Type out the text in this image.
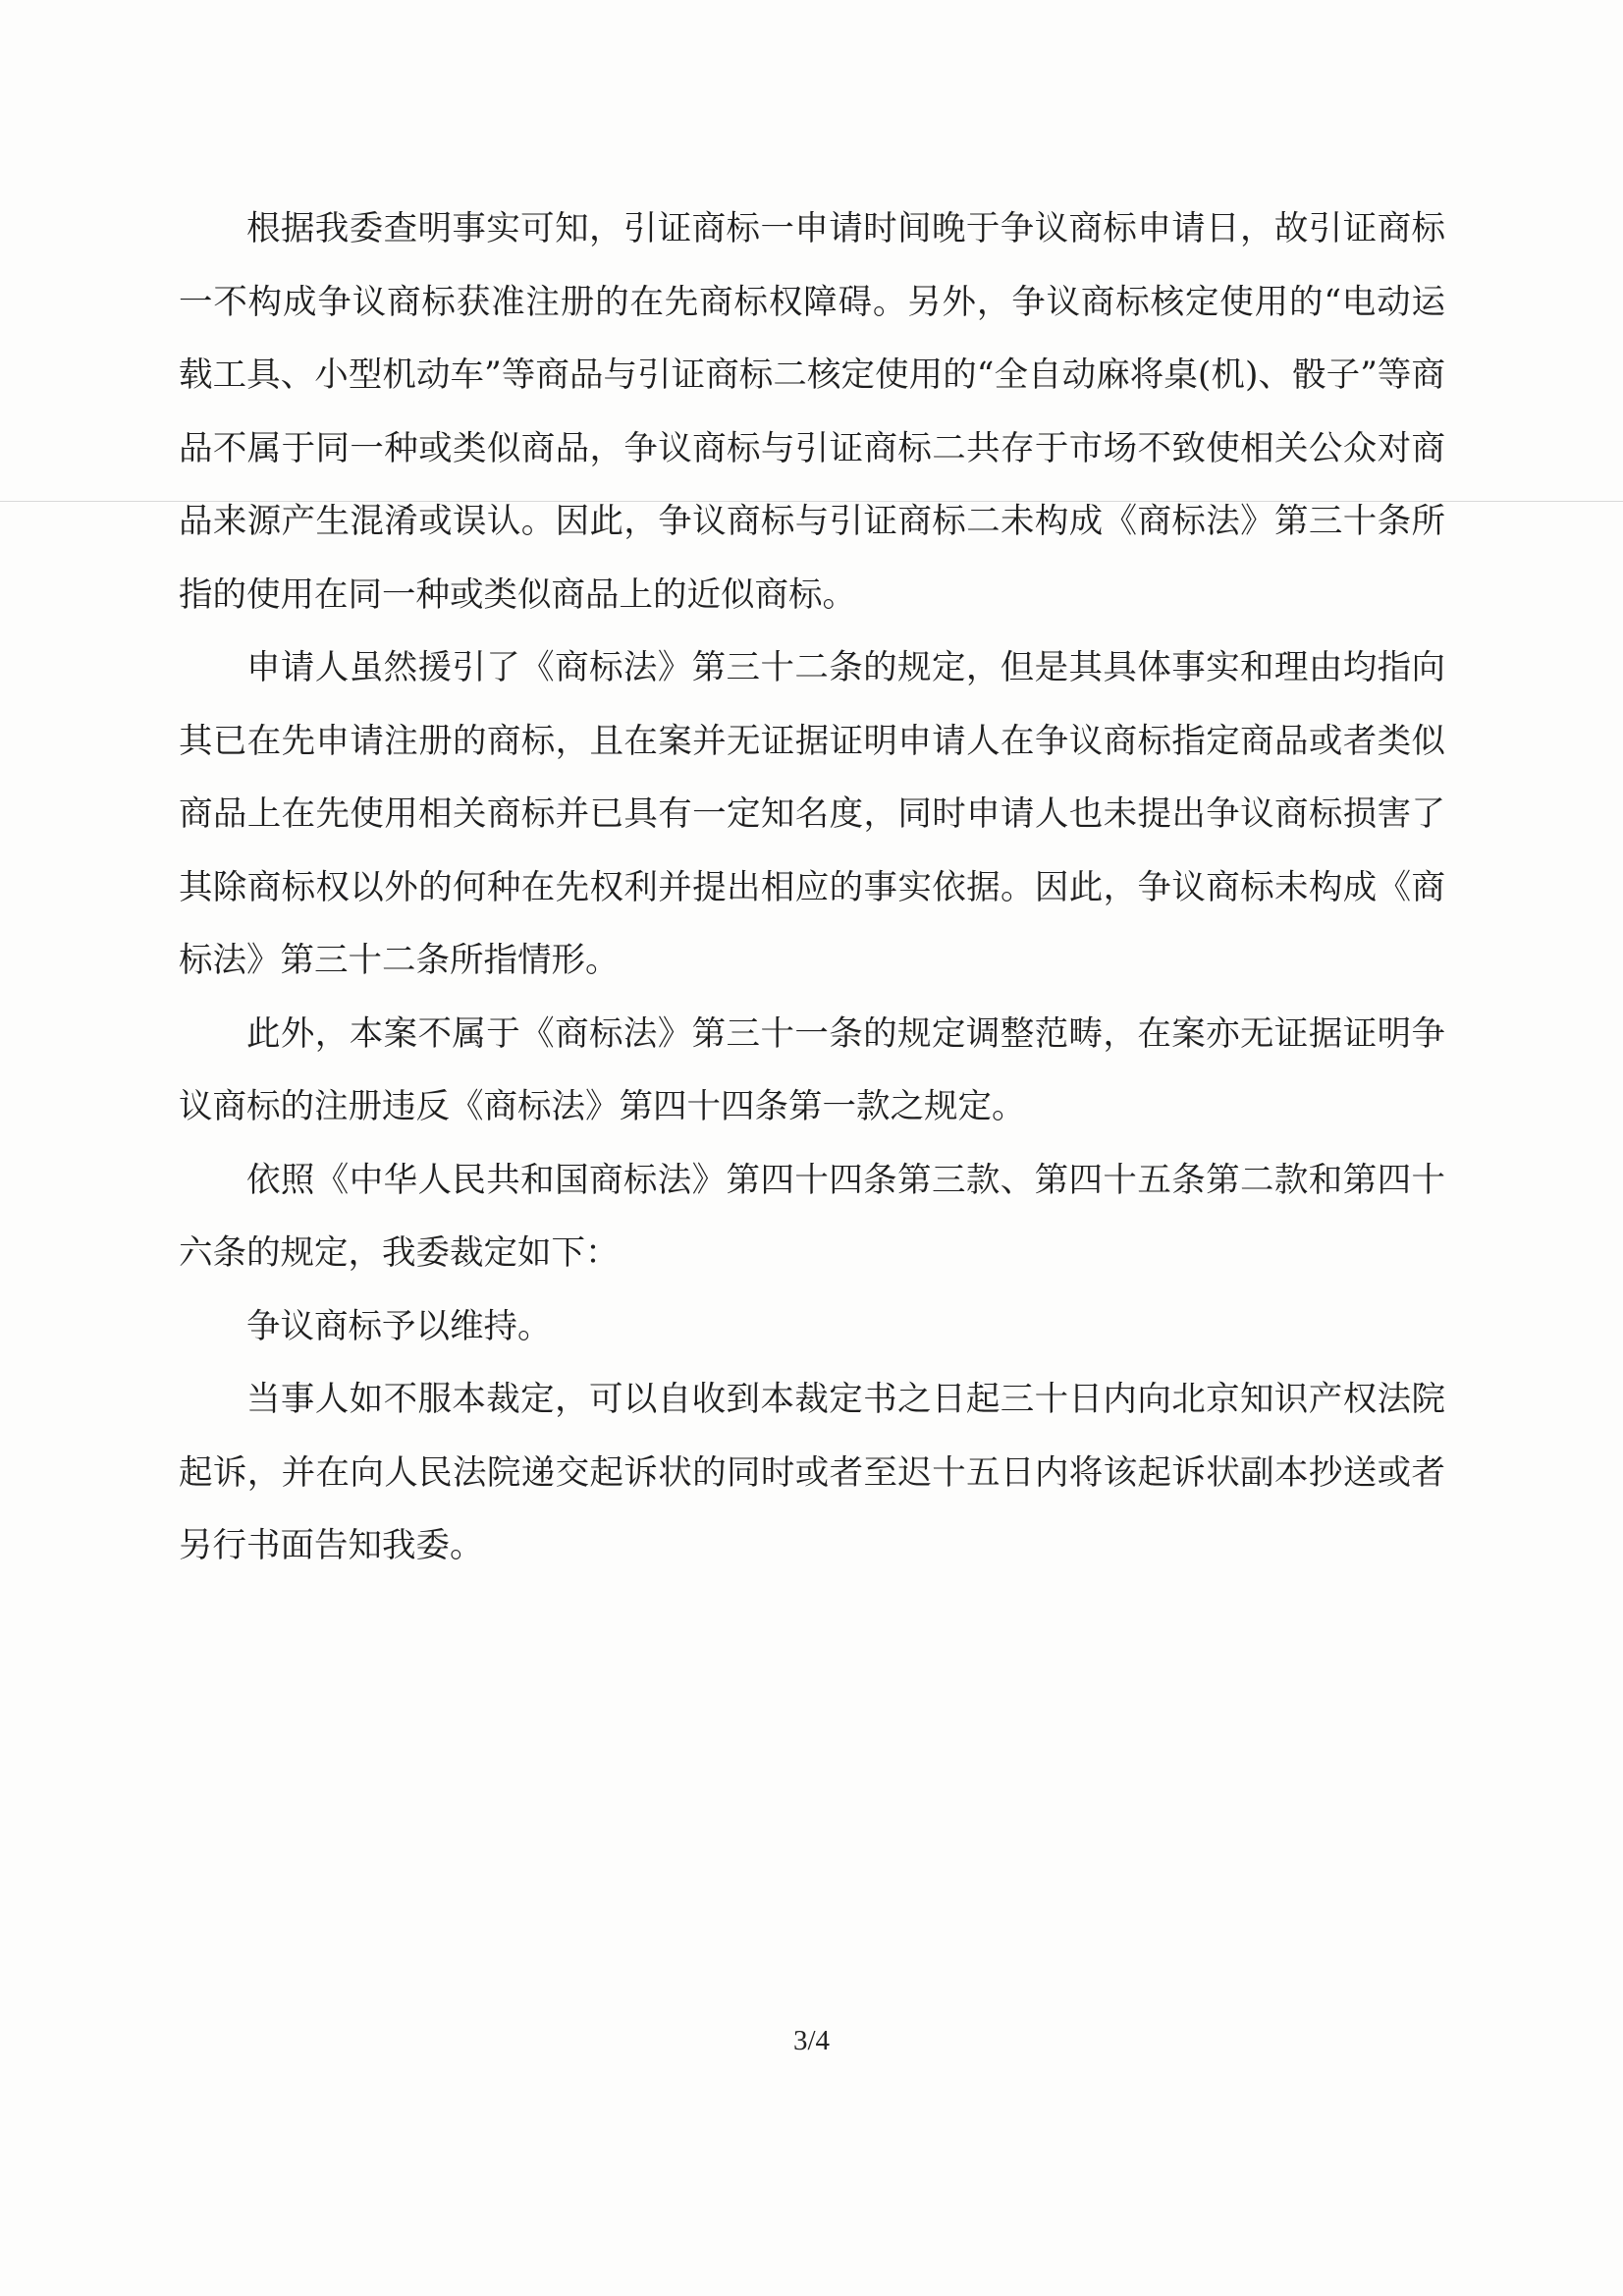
根据我委查明事实可知，引证商标一申请时间晚于争议商标申请日，故引证商标一不构成争议商标获准注册的在先商标权障碍。另外，争议商标核定使用的“电动运载工具、小型机动车”等商品与引证商标二核定使用的“全自动麻将桌(机)、骰子”等商品不属于同一种或类似商品，争议商标与引证商标二共存于市场不致使相关公众对商品来源产生混淆或误认。因此，争议商标与引证商标二未构成《商标法》第三十条所指的使用在同一种或类似商品上的近似商标。

申请人虽然援引了《商标法》第三十二条的规定，但是其具体事实和理由均指向其已在先申请注册的商标，且在案并无证据证明申请人在争议商标指定商品或者类似商品上在先使用相关商标并已具有一定知名度，同时申请人也未提出争议商标损害了其除商标权以外的何种在先权利并提出相应的事实依据。因此，争议商标未构成《商标法》第三十二条所指情形。

此外，本案不属于《商标法》第三十一条的规定调整范畴，在案亦无证据证明争议商标的注册违反《商标法》第四十四条第一款之规定。

依照《中华人民共和国商标法》第四十四条第三款、第四十五条第二款和第四十六条的规定，我委裁定如下：

争议商标予以维持。

当事人如不服本裁定，可以自收到本裁定书之日起三十日内向北京知识产权法院起诉，并在向人民法院递交起诉状的同时或者至迟十五日内将该起诉状副本抄送或者另行书面告知我委。

3/4
